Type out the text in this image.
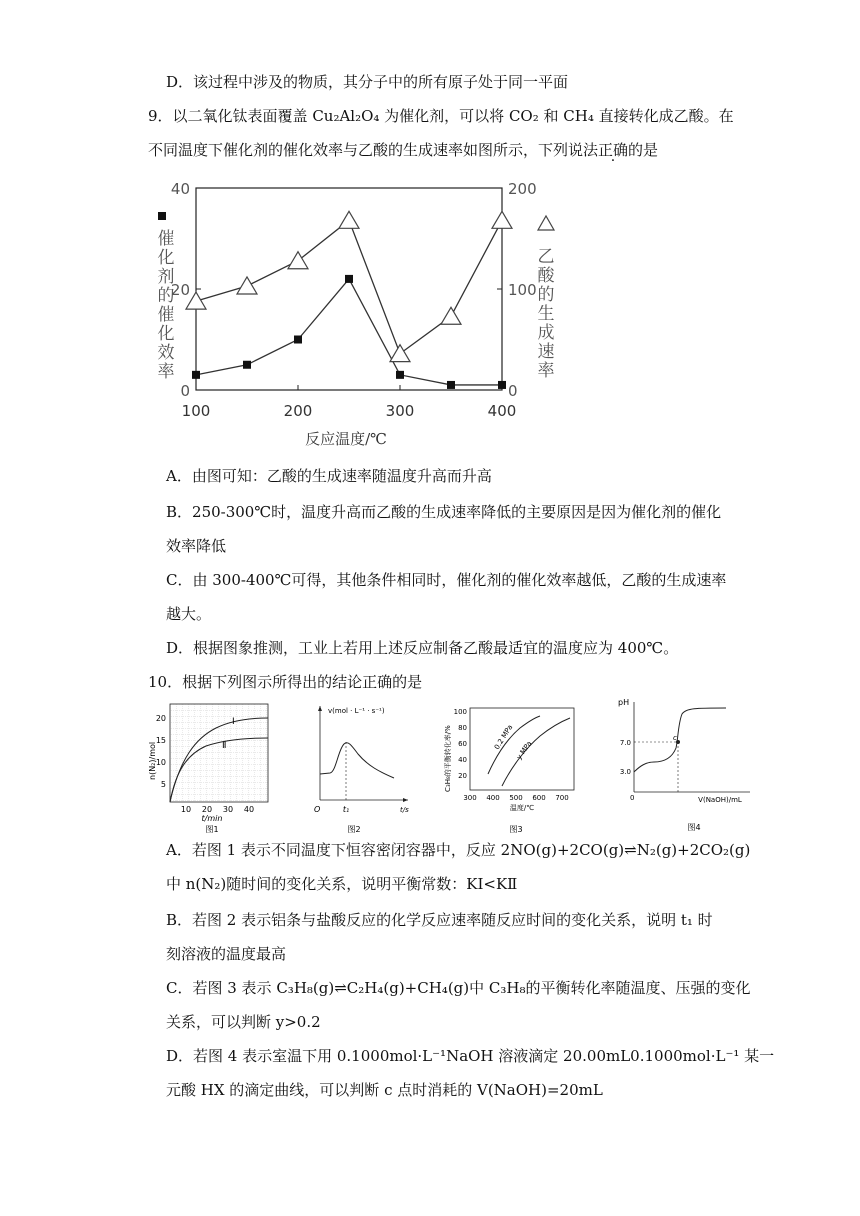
D．该过程中涉及的物质，其分子中的所有原子处于同一平面
9．以二氧化钛表面覆盖 Cu₂Al₂O₄ 为催化剂，可以将 CO₂ 和 CH₄ 直接转化成乙酸。在
不同温度下催化剂的催化效率与乙酸的生成速率如图所示，下列说法正确的是
0
20
40
0
100
200
100	200	300	400
反应温度/℃
催
化
剂
的
催
化
效
率
乙
酸
的
生
成
速
率
A．由图可知：乙酸的生成速率随温度升高而升高
B．250-300℃时，温度升高而乙酸的生成速率降低的主要原因是因为催化剂的催化
效率降低
C．由 300-400℃可得，其他条件相同时，催化剂的催化效率越低，乙酸的生成速率
越大。
D．根据图象推测，工业上若用上述反应制备乙酸最适宜的温度应为 400℃。
10．根据下列图示所得出的结论正确的是
Ⅰ
Ⅱ
5
10
15
20
10 20 30 40
t/min
n(N₂)/mol
图1
v(mol · L⁻¹ · s⁻¹)
O	t₁	t/s
图2
0.2 MPa y MPa
20
40
60
80
100
300 400 500 600 700
温度/℃
C₃H₈的平衡转化率/%
图3
c
pH
3.0
7.0
0	V(NaOH)/mL
图4
A．若图 1 表示不同温度下恒容密闭容器中，反应 2NO(g)+2CO(g)⇌N₂(g)+2CO₂(g)
中 n(N₂)随时间的变化关系，说明平衡常数：KⅠ<KⅡ
B．若图 2 表示铝条与盐酸反应的化学反应速率随反应时间的变化关系，说明 t₁ 时
刻溶液的温度最高
C．若图 3 表示 C₃H₈(g)⇌C₂H₄(g)+CH₄(g)中 C₃H₈的平衡转化率随温度、压强的变化
关系，可以判断 y>0.2
D．若图 4 表示室温下用 0.1000mol·L⁻¹NaOH 溶液滴定 20.00mL0.1000mol·L⁻¹ 某一
元酸 HX 的滴定曲线，可以判断 c 点时消耗的 V(NaOH)=20mL
